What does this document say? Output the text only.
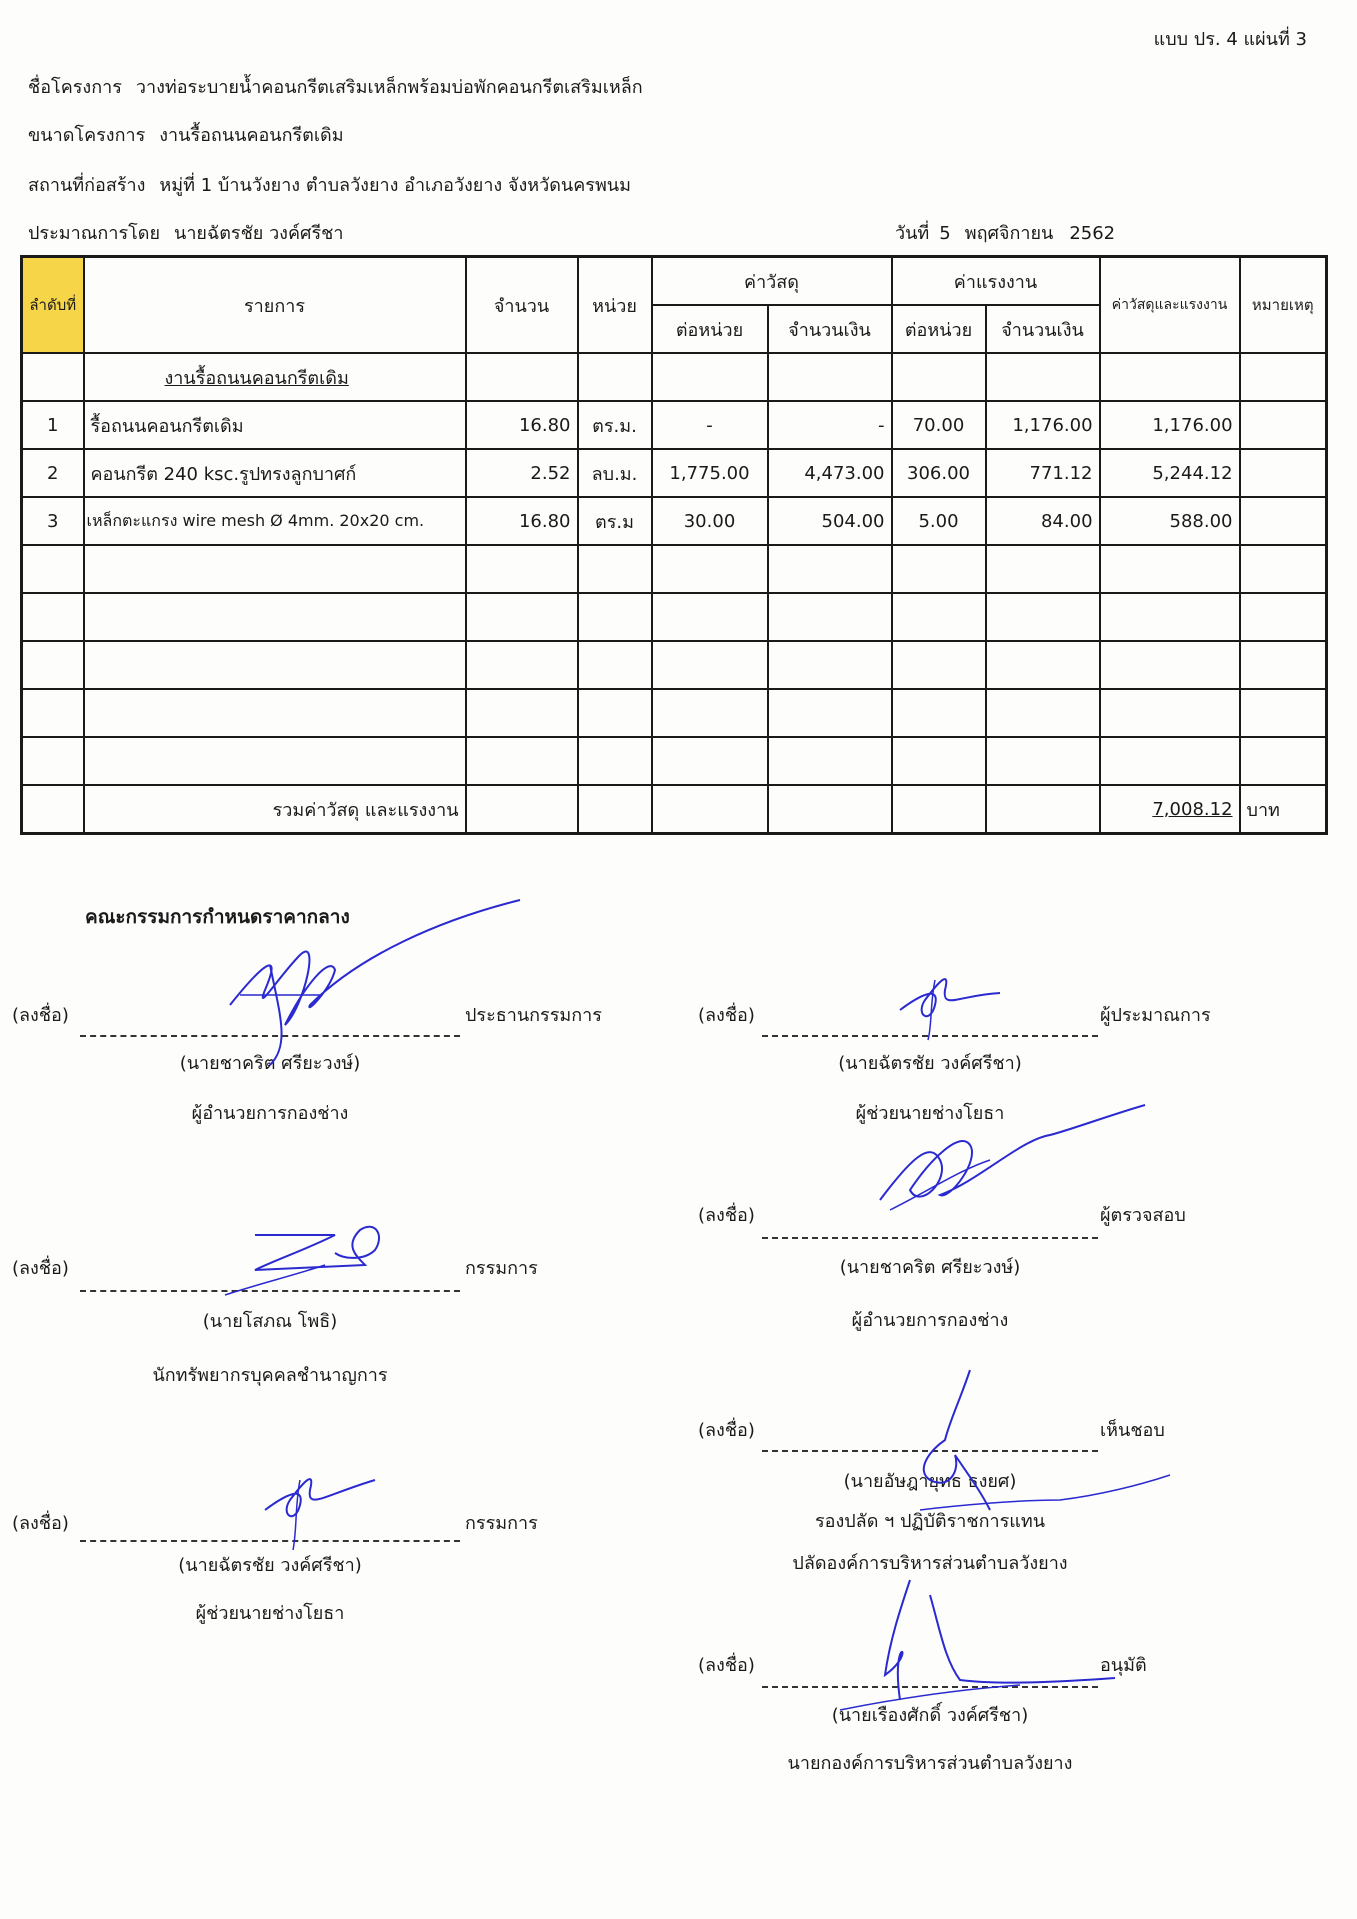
แบบ ปร. 4 แผ่นที่ 3
ชื่อโครงการ วางท่อระบายน้ำคอนกรีตเสริมเหล็กพร้อมบ่อพักคอนกรีตเสริมเหล็ก
ขนาดโครงการ งานรื้อถนนคอนกรีตเดิม
สถานที่ก่อสร้าง หมู่ที่ 1 บ้านวังยาง ตำบลวังยาง อำเภอวังยาง จังหวัดนครพนม
ประมาณการโดย นายฉัตรชัย วงค์ศรีชา	วันที่ 5 พฤศจิกายน 2562
ลำดับที่	รายการ	จำนวน	หน่วย	ค่าวัสดุ		ค่าแรงงาน		ค่าวัสดุและแรงงาน	หมายเหตุ
				ต่อหน่วย	จำนวนเงิน	ต่อหน่วย	จำนวนเงิน		
	งานรื้อถนนคอนกรีตเดิม								
1	รื้อถนนคอนกรีตเดิม	16.80	ตร.ม.	-	-	70.00	1,176.00	1,176.00	
2	คอนกรีต 240 ksc.รูปทรงลูกบาศก์	2.52	ลบ.ม.	1,775.00	4,473.00	306.00	771.12	5,244.12	
3	เหล็กตะแกรง wire mesh Ø 4mm. 20x20 cm.	16.80	ตร.ม	30.00	504.00	5.00	84.00	588.00	

	รวมค่าวัสดุ และแรงงาน							7,008.12	บาท
คณะกรรมการกำหนดราคากลาง
(ลงชื่อ)	ประธานกรรมการ
(นายชาคริต ศรียะวงษ์)
ผู้อำนวยการกองช่าง
(ลงชื่อ)	กรรมการ
(นายโสภณ โพธิ)
นักทรัพยากรบุคคลชำนาญการ
(ลงชื่อ)	กรรมการ
(นายฉัตรชัย วงค์ศรีชา)
ผู้ช่วยนายช่างโยธา
(ลงชื่อ)	ผู้ประมาณการ
(นายฉัตรชัย วงค์ศรีชา)
ผู้ช่วยนายช่างโยธา
(ลงชื่อ)	ผู้ตรวจสอบ
(นายชาคริต ศรียะวงษ์)
ผู้อำนวยการกองช่าง
(ลงชื่อ)	เห็นชอบ
(นายอัษฎายุทธ ธงยศ)
รองปลัด ฯ ปฏิบัติราชการแทน
ปลัดองค์การบริหารส่วนตำบลวังยาง
(ลงชื่อ)	อนุมัติ
(นายเรืองศักดิ์ วงค์ศรีชา)
นายกองค์การบริหารส่วนตำบลวังยาง
